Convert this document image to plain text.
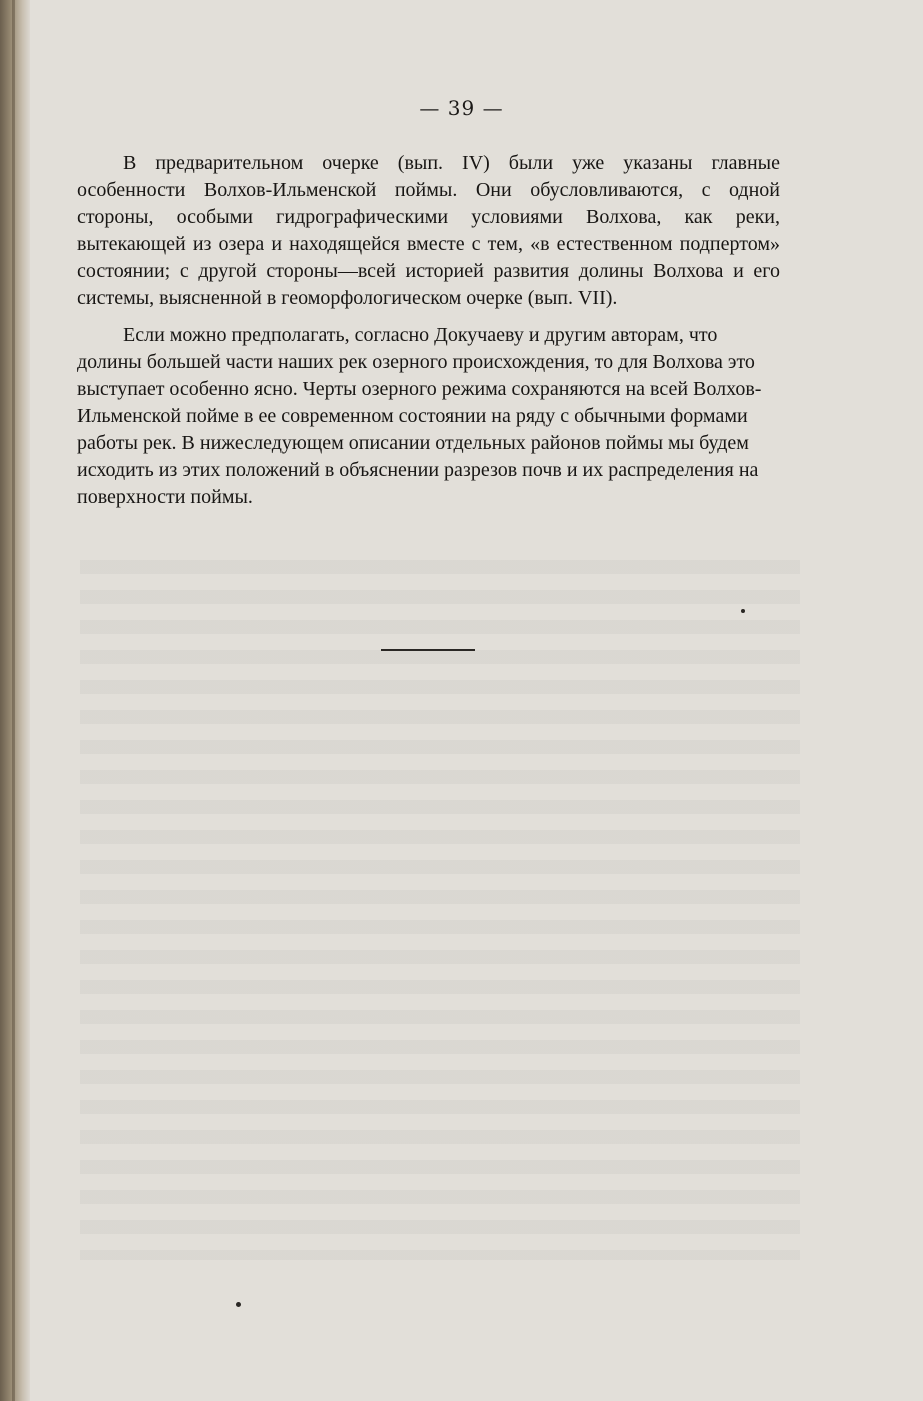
— 39 —

В предварительном очерке (вып. IV) были уже указаны главные особенности Волхов-Ильменской поймы. Они обусловливаются, с одной стороны, особыми гидрографическими условиями Волхова, как реки, вытекающей из озера и находящейся вместе с тем, «в естественном подпертом» состоянии; с другой стороны—всей историей развития долины Волхова и его системы, выясненной в геоморфологическом очерке (вып. VII).

Если можно предполагать, согласно Докучаеву и другим авторам, что долины большей части наших рек озерного происхождения, то для Волхова это выступает особенно ясно. Черты озерного режима сохраняются на всей Волхов-Ильменской пойме в ее современном состоянии на ряду с обычными формами работы рек. В нижеследующем описании отдельных районов поймы мы будем исходить из этих положений в объяснении разрезов почв и их распределения на поверхности поймы.
